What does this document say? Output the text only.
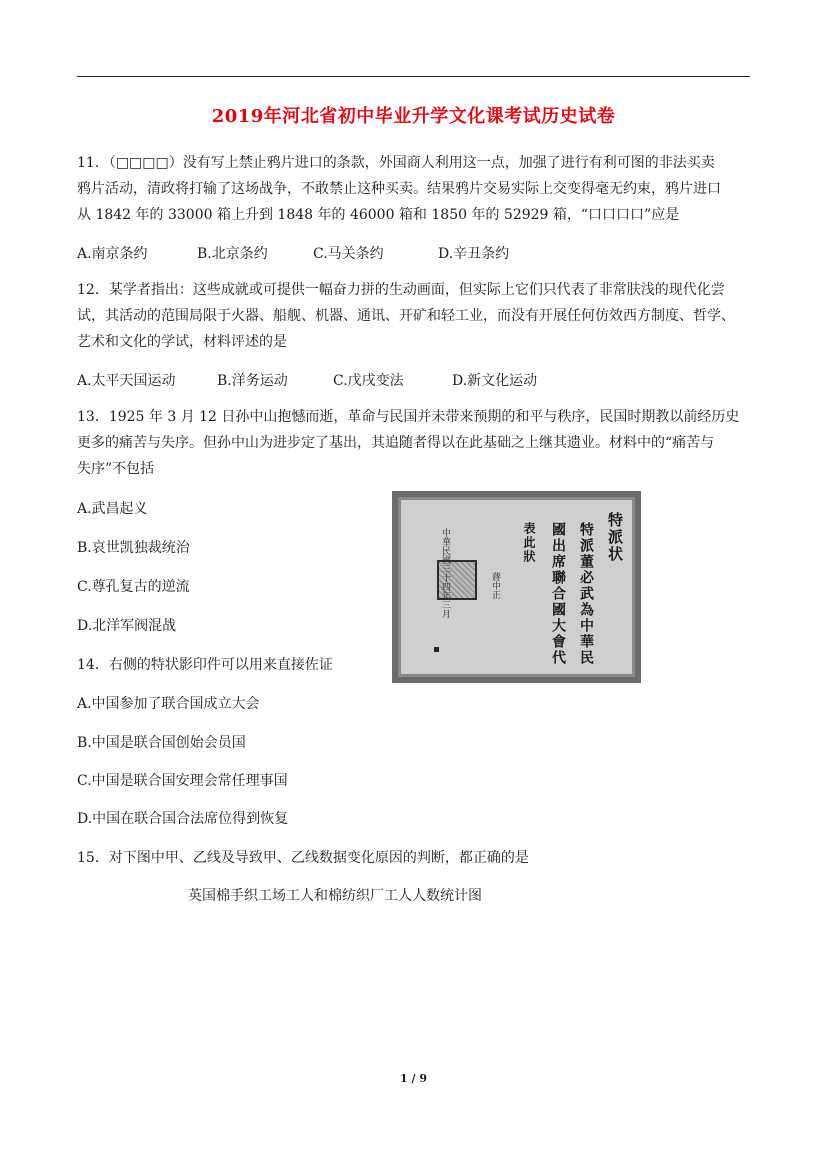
2019年河北省初中毕业升学文化课考试历史试卷
11．（□□□□）没有写上禁止鸦片进口的条款，外国商人利用这一点，加强了进行有利可图的非法买卖
鸦片活动，清政将打输了这场战争，不敢禁止这种买卖。结果鸦片交易实际上交变得毫无约束，鸦片进口
从 1842 年的 33000 箱上升到 1848 年的 46000 箱和 1850 年的 52929 箱，“口口口口”应是
A.南京条约	B.北京条约	C.马关条约	D.辛丑条约
12．某学者指出：这些成就或可提供一幅奋力拼的生动画面，但实际上它们只代表了非常肤浅的现代化尝
试，其活动的范围局限于火器、船舰、机器、通讯、开矿和轻工业，而没有开展任何仿效西方制度、哲学、
艺术和文化的学试，材料评述的是
A.太平天国运动	B.洋务运动	C.戊戌变法	D.新文化运动
13．1925 年 3 月 12 日孙中山抱憾而逝，革命与民国并未带来预期的和平与秩序，民国时期教以前经历史
更多的痛苦与失序。但孙中山为进步定了基出，其追随者得以在此基础之上继其遗业。材料中的“痛苦与
失序”不包括
A.武昌起义
B.哀世凯独裁统治
C.尊孔复古的逆流
D.北洋军阀混战
特派状
特派董必武為中華民
國出席聯合國大會代
表此狀
中華民國三十四年三月	蔣中正
14．右侧的特状影印件可以用来直接佐证
A.中国参加了联合国成立大会
B.中国是联合国创始会员国
C.中国是联合国安理会常任理事国
D.中国在联合国合法席位得到恢复
15．对下图中甲、乙线及导致甲、乙线数据变化原因的判断，都正确的是
英国棉手织工场工人和棉纺织厂工人人数统计图
1 / 9
